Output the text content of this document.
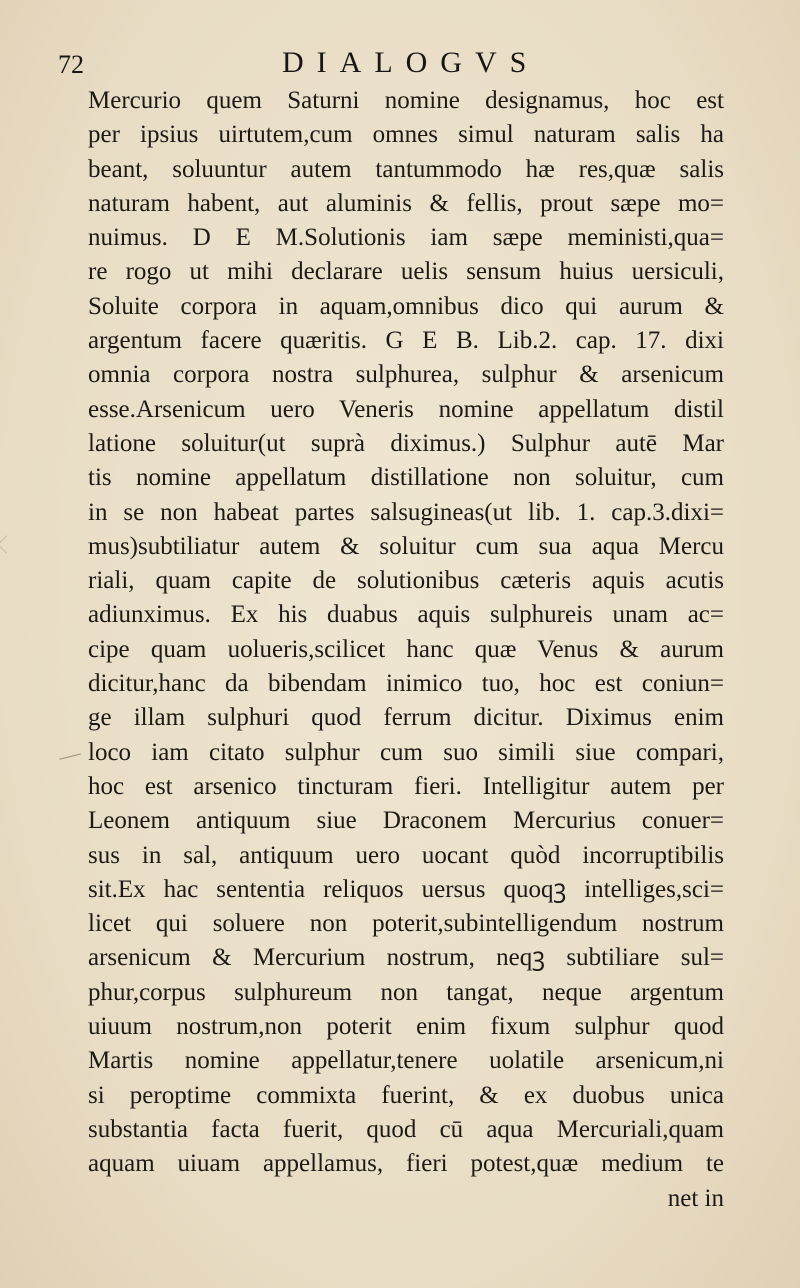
72	DIALOGVS
Mercurio quem Saturni nomine designamus, hoc est
per ipsius uirtutem,cum omnes simul naturam salis ha
beant, soluuntur autem tantummodo hæ res,quæ salis
naturam habent, aut aluminis & fellis, prout sæpe mo=
nuimus. D E M.Solutionis iam sæpe meministi,qua=
re rogo ut mihi declarare uelis sensum huius uersiculi,
Soluite corpora in aquam,omnibus dico qui aurum &
argentum facere quæritis. G E B. Lib.2. cap. 17. dixi
omnia corpora nostra sulphurea, sulphur & arsenicum
esse.Arsenicum uero Veneris nomine appellatum distil
latione soluitur(ut suprà diximus.) Sulphur autē Mar
tis nomine appellatum distillatione non soluitur, cum
in se non habeat partes salsugineas(ut lib. 1. cap.3.dixi=
mus)subtiliatur autem & soluitur cum sua aqua Mercu
riali, quam capite de solutionibus cæteris aquis acutis
adiunximus. Ex his duabus aquis sulphureis unam ac=
cipe quam uolueris,scilicet hanc quæ Venus & aurum
dicitur,hanc da bibendam inimico tuo, hoc est coniun=
ge illam sulphuri quod ferrum dicitur. Diximus enim
loco iam citato sulphur cum suo simili siue compari,
hoc est arsenico tincturam fieri. Intelligitur autem per
Leonem antiquum siue Draconem Mercurius conuer=
sus in sal, antiquum uero uocant quòd incorruptibilis
sit.Ex hac sententia reliquos uersus quoqꝫ intelliges,sci=
licet qui soluere non poterit,subintelligendum nostrum
arsenicum & Mercurium nostrum, neqꝫ subtiliare sul=
phur,corpus sulphureum non tangat, neque argentum
uiuum nostrum,non poterit enim fixum sulphur quod
Martis nomine appellatur,tenere uolatile arsenicum,ni
si peroptime commixta fuerint, & ex duobus unica
substantia facta fuerit, quod cū aqua Mercuriali,quam
aquam uiuam appellamus, fieri potest,quæ medium te
net in
